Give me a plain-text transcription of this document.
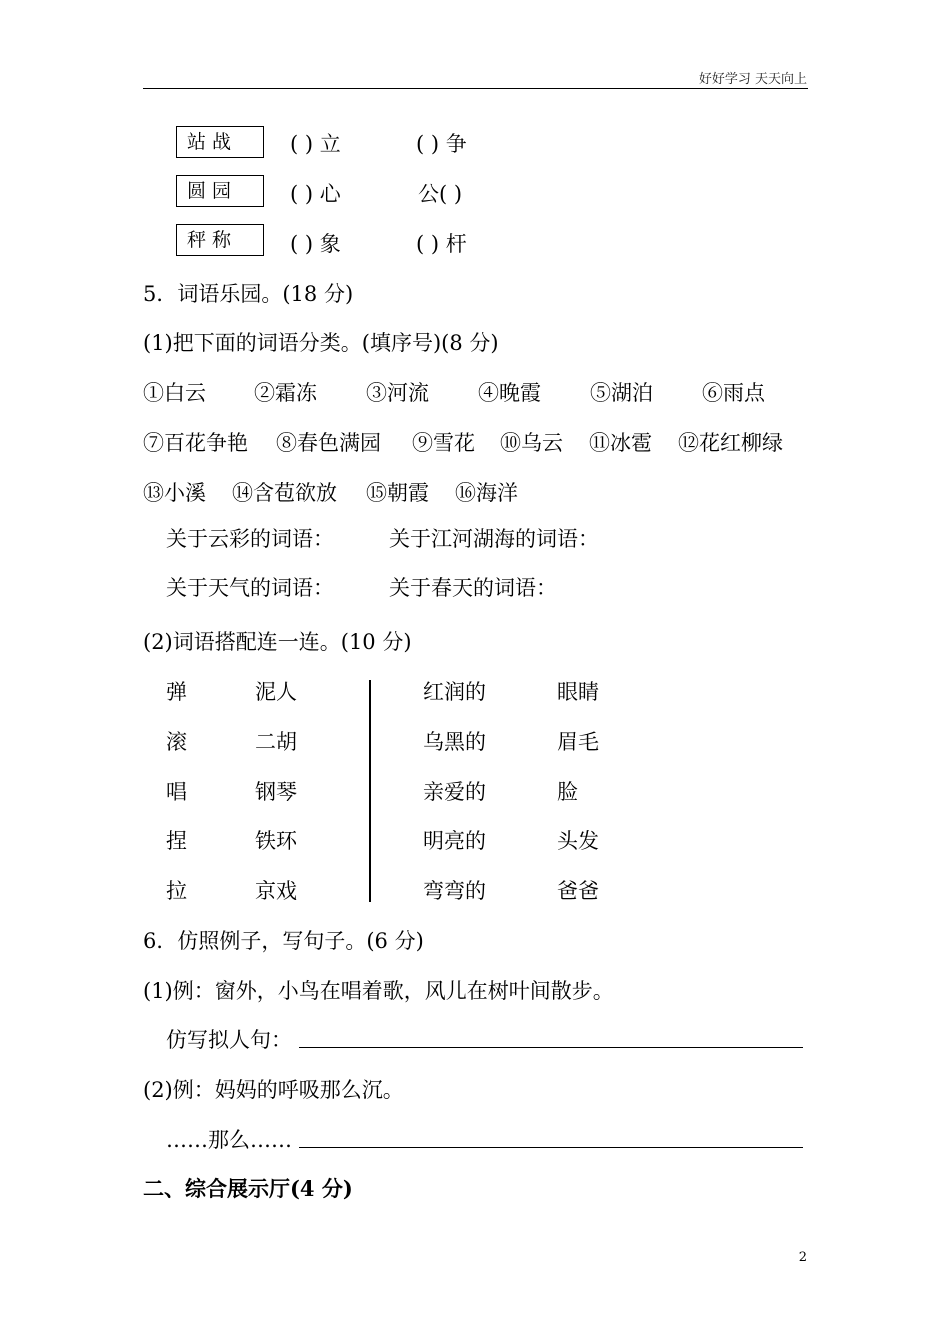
好好学习 天天向上
站 战	( ) 立	( ) 争
圆 园	( ) 心	公( )
秤 称	( ) 象	( ) 杆
5．词语乐园。(18 分)
(1)把下面的词语分类。(填序号)(8 分)
①白云 ②霜冻 ③河流 ④晚霞 ⑤湖泊 ⑥雨点
⑦百花争艳 ⑧春色满园 ⑨雪花 ⑩乌云 ⑪冰雹 ⑫花红柳绿
⑬小溪 ⑭含苞欲放 ⑮朝霞 ⑯海洋
关于云彩的词语：	关于江河湖海的词语：
关于天气的词语：	关于春天的词语：
(2)词语搭配连一连。(10 分)
弹	泥人
滚	二胡
唱	钢琴
捏	铁环
拉	京戏
红润的	眼睛
乌黑的	眉毛
亲爱的	脸
明亮的	头发
弯弯的	爸爸
6．仿照例子，写句子。(6 分)
(1)例：窗外，小鸟在唱着歌，风儿在树叶间散步。
仿写拟人句：
(2)例：妈妈的呼吸那么沉。
……那么……
二、综合展示厅(4 分)
2
